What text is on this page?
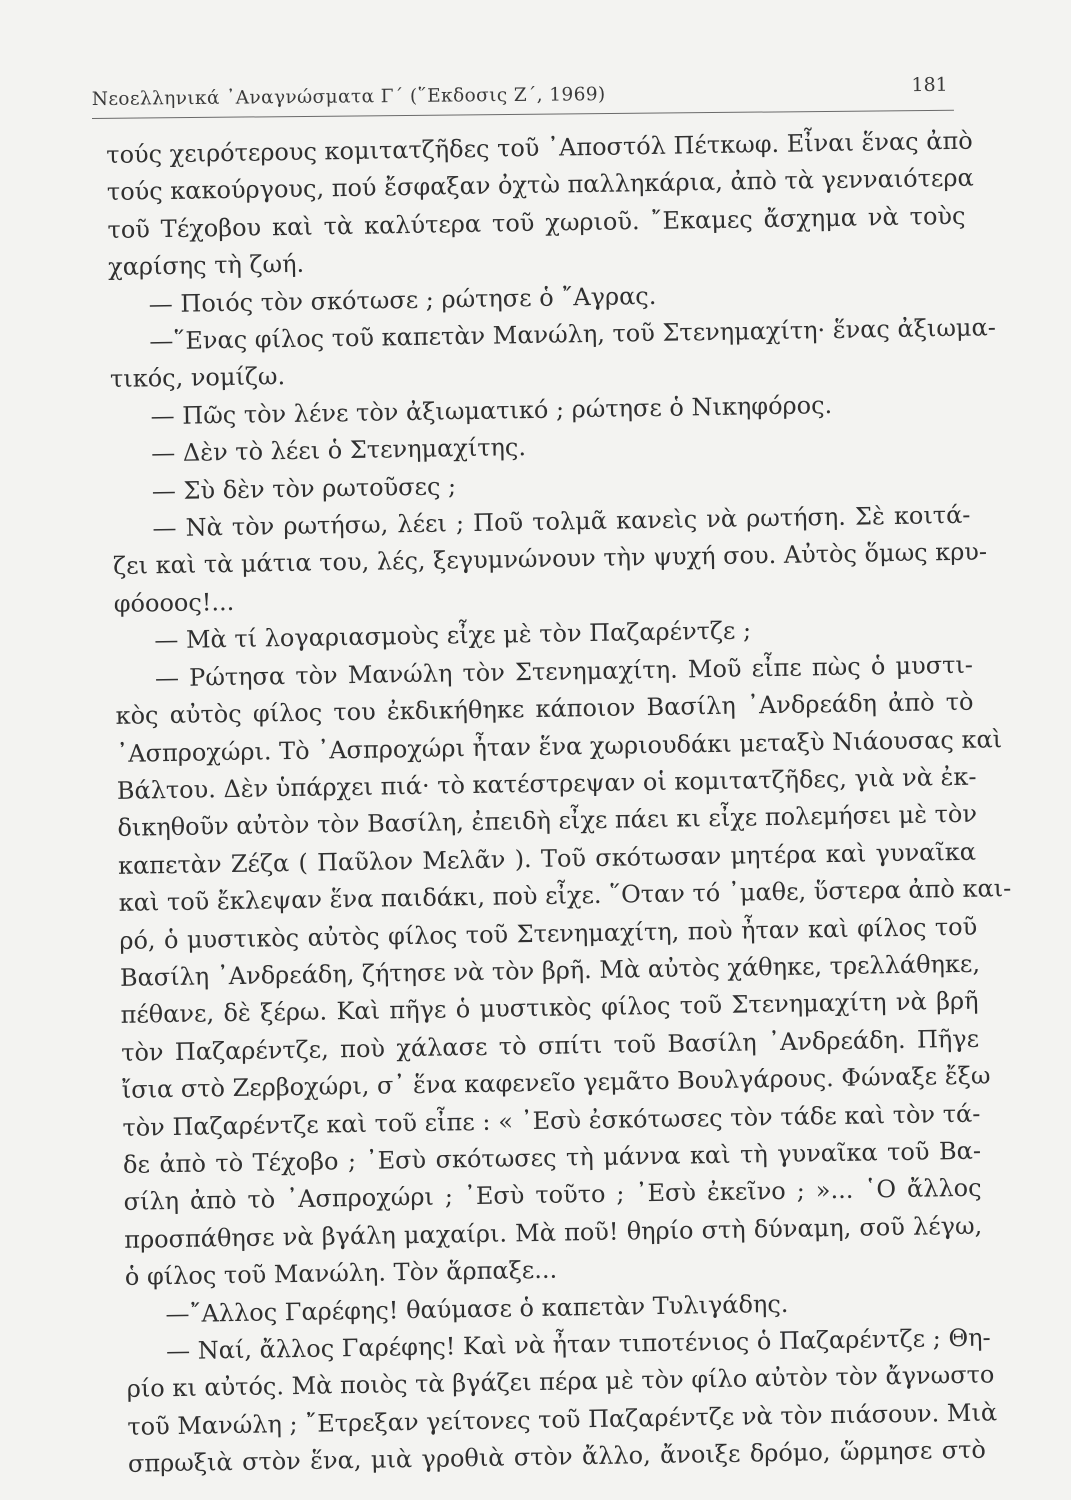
Νεοελληνικά ᾿Αναγνώσματα Γ΄ (῞Εκδοσις Ζ΄, 1969)	181
τούς χειρότερους κομιτατζῆδες τοῦ ᾿Αποστόλ Πέτκωφ. Εἶναι ἕνας ἀπὸ
τούς κακούργους, πού ἔσφαξαν ὀχτὼ παλληκάρια, ἀπὸ τὰ γενναιότερα
τοῦ Τέχοβου καὶ τὰ καλύτερα τοῦ χωριοῦ. ῎Εκαμες ἄσχημα νὰ τοὺς
χαρίσης τὴ ζωή.
— Ποιός τὸν σκότωσε ; ρώτησε ὁ ῎Αγρας.
—῞Ενας φίλος τοῦ καπετὰν Μανώλη, τοῦ Στενημαχίτη· ἕνας ἀξιωμα-
τικός, νομίζω.
— Πῶς τὸν λένε τὸν ἀξιωματικό ; ρώτησε ὁ Νικηφόρος.
— Δὲν τὸ λέει ὁ Στενημαχίτης.
— Σὺ δὲν τὸν ρωτοῦσες ;
— Νὰ τὸν ρωτήσω, λέει ; Ποῦ τολμᾶ κανεὶς νὰ ρωτήση. Σὲ κοιτά-
ζει καὶ τὰ μάτια του, λές, ξεγυμνώνουν τὴν ψυχή σου. Αὐτὸς ὅμως κρυ-
φόοοος!...
— Μὰ τί λογαριασμοὺς εἶχε μὲ τὸν Παζαρέντζε ;
— Ρώτησα τὸν Μανώλη τὸν Στενημαχίτη. Μοῦ εἶπε πὼς ὁ μυστι-
κὸς αὐτὸς φίλος του ἐκδικήθηκε κάποιον Βασίλη ᾿Ανδρεάδη ἀπὸ τὸ
᾿Ασπροχώρι. Τὸ ᾿Ασπροχώρι ἦταν ἕνα χωριουδάκι μεταξὺ Νιάουσας καὶ
Βάλτου. Δὲν ὑπάρχει πιά· τὸ κατέστρεψαν οἱ κομιτατζῆδες, γιὰ νὰ ἐκ-
δικηθοῦν αὐτὸν τὸν Βασίλη, ἐπειδὴ εἶχε πάει κι εἶχε πολεμήσει μὲ τὸν
καπετὰν Ζέζα ( Παῦλον Μελᾶν ). Τοῦ σκότωσαν μητέρα καὶ γυναῖκα
καὶ τοῦ ἔκλεψαν ἕνα παιδάκι, ποὺ εἶχε. ῞Οταν τό ᾿μαθε, ὕστερα ἀπὸ και-
ρό, ὁ μυστικὸς αὐτὸς φίλος τοῦ Στενημαχίτη, ποὺ ἦταν καὶ φίλος τοῦ
Βασίλη ᾿Ανδρεάδη, ζήτησε νὰ τὸν βρῆ. Μὰ αὐτὸς χάθηκε, τρελλάθηκε,
πέθανε, δὲ ξέρω. Καὶ πῆγε ὁ μυστικὸς φίλος τοῦ Στενημαχίτη νὰ βρῆ
τὸν Παζαρέντζε, ποὺ χάλασε τὸ σπίτι τοῦ Βασίλη ᾿Ανδρεάδη. Πῆγε
ἴσια στὸ Ζερβοχώρι, σ᾿ ἕνα καφενεῖο γεμᾶτο Βουλγάρους. Φώναξε ἔξω
τὸν Παζαρέντζε καὶ τοῦ εἶπε : « ᾿Εσὺ ἐσκότωσες τὸν τάδε καὶ τὸν τά-
δε ἀπὸ τὸ Τέχοβο ; ᾿Εσὺ σκότωσες τὴ μάννα καὶ τὴ γυναῖκα τοῦ Βα-
σίλη ἀπὸ τὸ ᾿Ασπροχώρι ; ᾿Εσὺ τοῦτο ; ᾿Εσὺ ἐκεῖνο ; »... ῾Ο ἄλλος
προσπάθησε νὰ βγάλη μαχαίρι. Μὰ ποῦ! θηρίο στὴ δύναμη, σοῦ λέγω,
ὁ φίλος τοῦ Μανώλη. Τὸν ἅρπαξε...
—῎Αλλος Γαρέφης! θαύμασε ὁ καπετὰν Τυλιγάδης.
— Ναί, ἄλλος Γαρέφης! Καὶ νὰ ἦταν τιποτένιος ὁ Παζαρέντζε ; Θη-
ρίο κι αὐτός. Μὰ ποιὸς τὰ βγάζει πέρα μὲ τὸν φίλο αὐτὸν τὸν ἄγνωστο
τοῦ Μανώλη ; ῎Ετρεξαν γείτονες τοῦ Παζαρέντζε νὰ τὸν πιάσουν. Μιὰ
σπρωξιὰ στὸν ἕνα, μιὰ γροθιὰ στὸν ἄλλο, ἄνοιξε δρόμο, ὥρμησε στὸ
